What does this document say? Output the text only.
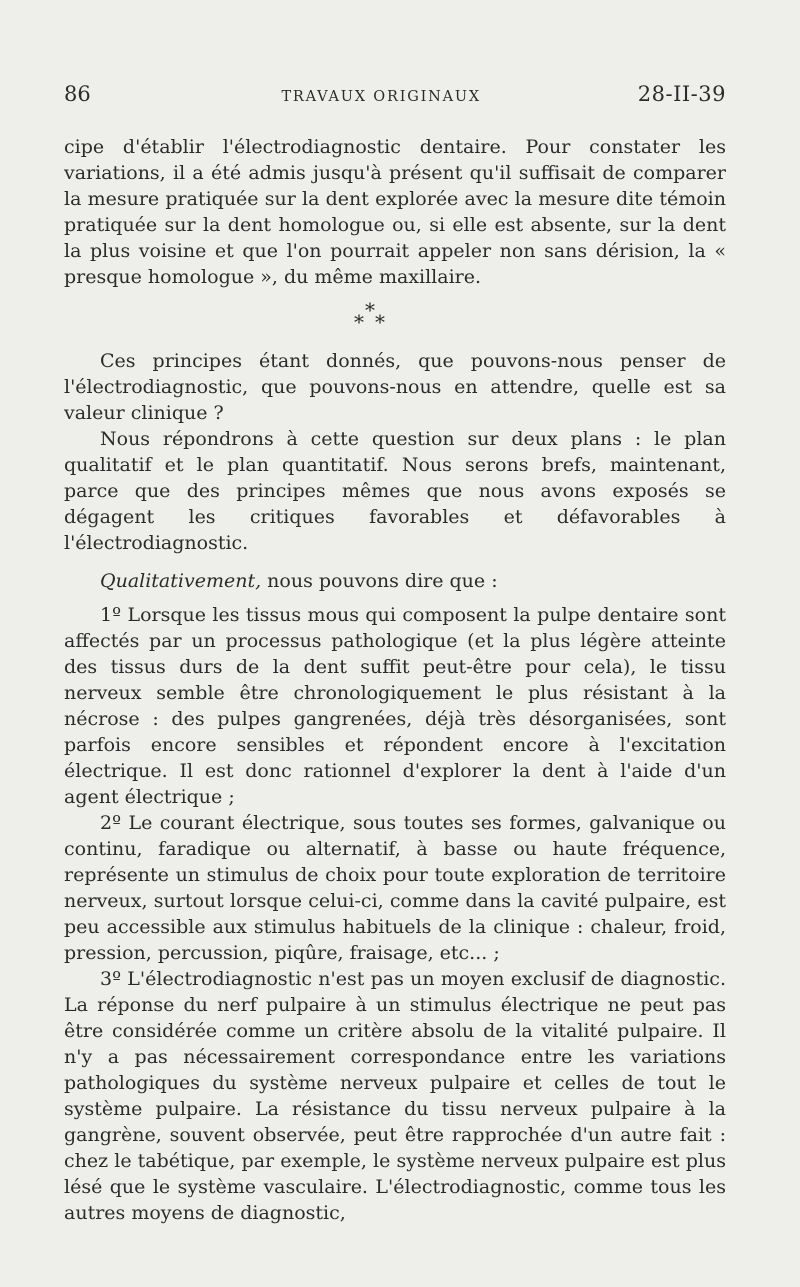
86	TRAVAUX ORIGINAUX	28-II-39

cipe d'établir l'électrodiagnostic dentaire. Pour constater les variations, il a été admis jusqu'à présent qu'il suffisait de comparer la mesure pratiquée sur la dent explorée avec la mesure dite témoin pratiquée sur la dent homologue ou, si elle est absente, sur la dent la plus voisine et que l'on pourrait appeler non sans dérision, la « presque homologue », du même maxillaire.

*
* *

Ces principes étant donnés, que pouvons-nous penser de l'électrodiagnostic, que pouvons-nous en attendre, quelle est sa valeur clinique ?

Nous répondrons à cette question sur deux plans : le plan qualitatif et le plan quantitatif. Nous serons brefs, maintenant, parce que des principes mêmes que nous avons exposés se dégagent les critiques favorables et défavorables à l'électrodiagnostic.

Qualitativement, nous pouvons dire que :

1º Lorsque les tissus mous qui composent la pulpe dentaire sont affectés par un processus pathologique (et la plus légère atteinte des tissus durs de la dent suffit peut-être pour cela), le tissu nerveux semble être chronologiquement le plus résistant à la nécrose : des pulpes gangrenées, déjà très désorganisées, sont parfois encore sensibles et répondent encore à l'excitation électrique. Il est donc rationnel d'explorer la dent à l'aide d'un agent électrique ;

2º Le courant électrique, sous toutes ses formes, galvanique ou continu, faradique ou alternatif, à basse ou haute fréquence, représente un stimulus de choix pour toute exploration de territoire nerveux, surtout lorsque celui-ci, comme dans la cavité pulpaire, est peu accessible aux stimulus habituels de la clinique : chaleur, froid, pression, percussion, piqûre, fraisage, etc... ;

3º L'électrodiagnostic n'est pas un moyen exclusif de diagnostic. La réponse du nerf pulpaire à un stimulus électrique ne peut pas être considérée comme un critère absolu de la vitalité pulpaire. Il n'y a pas nécessairement correspondance entre les variations pathologiques du système nerveux pulpaire et celles de tout le système pulpaire. La résistance du tissu nerveux pulpaire à la gangrène, souvent observée, peut être rapprochée d'un autre fait : chez le tabétique, par exemple, le système nerveux pulpaire est plus lésé que le système vasculaire. L'électrodiagnostic, comme tous les autres moyens de diagnostic,
